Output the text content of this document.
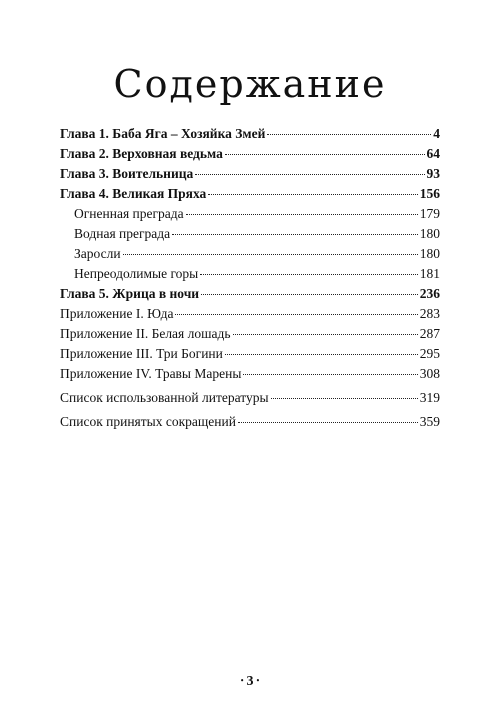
Содержание
Глава 1. Баба Яга – Хозяйка Змей	4
Глава 2. Верховная ведьма	64
Глава 3. Воительница	93
Глава 4. Великая Пряха	156
Огненная преграда	179
Водная преграда	180
Заросли	180
Непреодолимые горы	181
Глава 5. Жрица в ночи	236
Приложение I. Юда	283
Приложение II. Белая лошадь	287
Приложение III. Три Богини	295
Приложение IV. Травы Марены	308
Список использованной литературы	319
Список принятых сокращений	359
• 3 •
